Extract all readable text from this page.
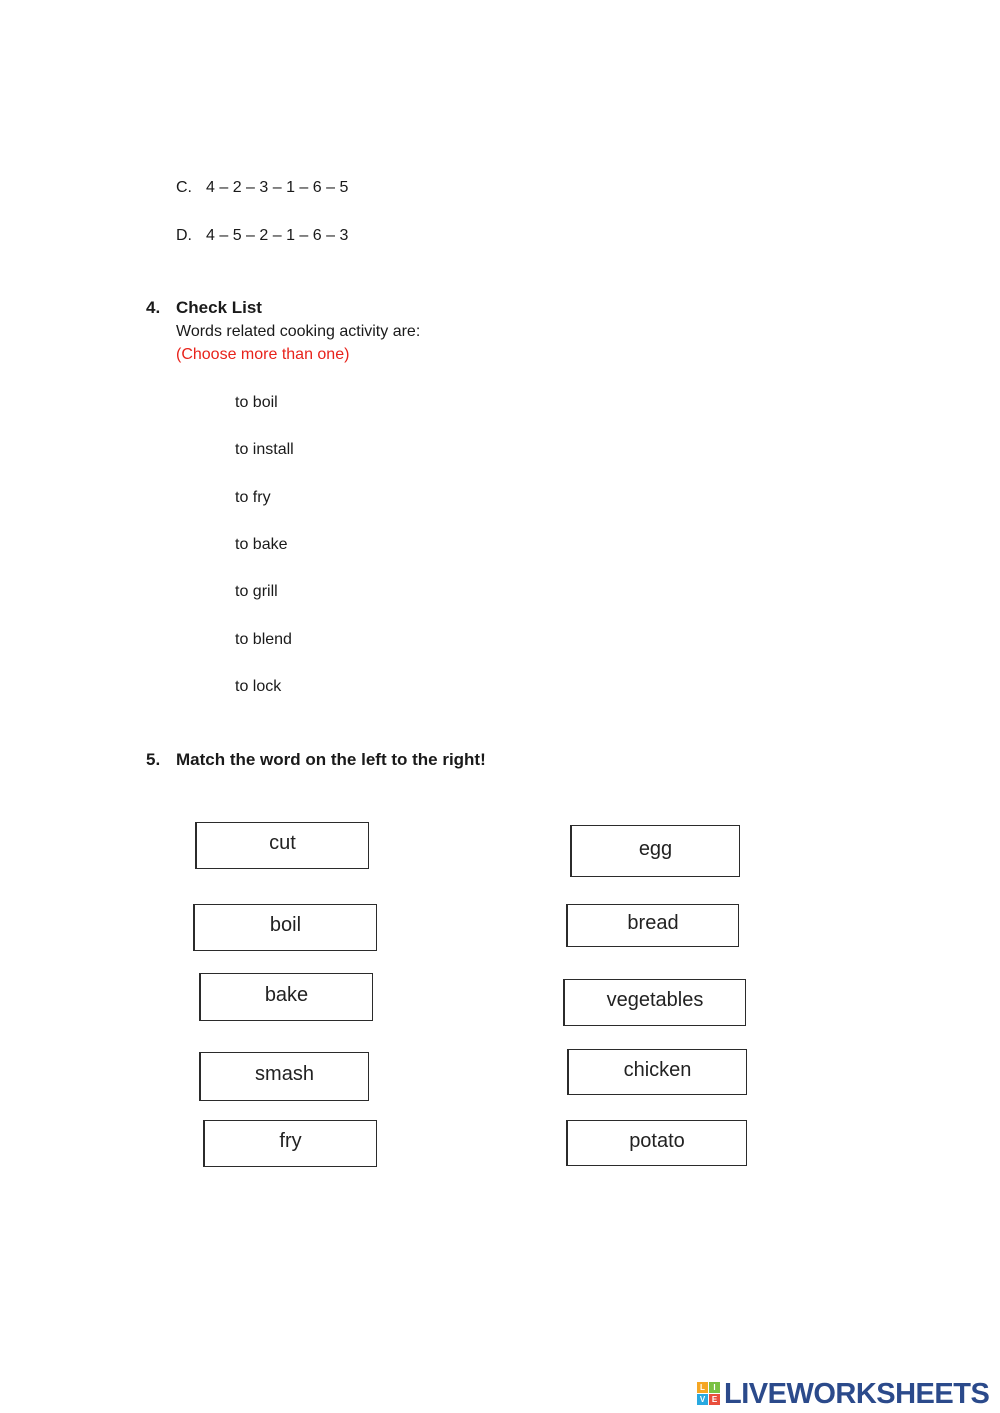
C. 4 – 2 – 3 – 1 – 6 – 5
D. 4 – 5 – 2 – 1 – 6 – 3
4. Check List
Words related cooking activity are:
(Choose more than one)
to boil
to install
to fry
to bake
to grill
to blend
to lock
5. Match the word on the left to the right!
cut
boil
bake
smash
fry
egg
bread
vegetables
chicken
potato
L	I
V E LIVEWORKSHEETS
